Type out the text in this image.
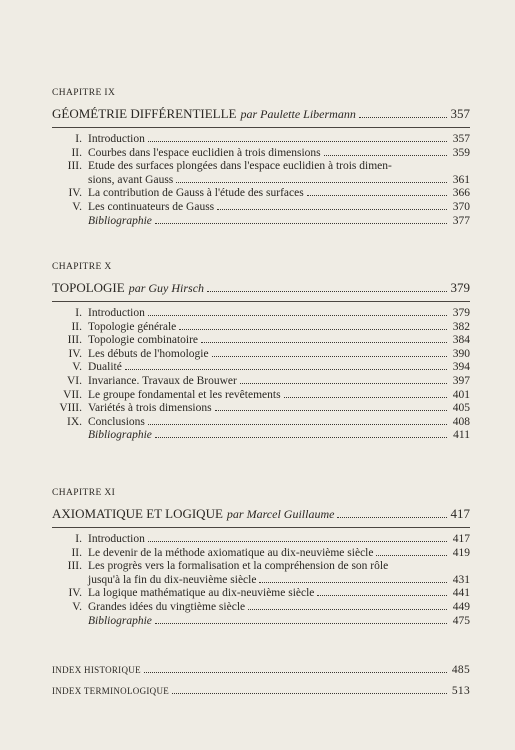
CHAPITRE IX
GÉOMÉTRIE DIFFÉRENTIELLE par Paulette Libermann	357
I. Introduction	357
II. Courbes dans l'espace euclidien à trois dimensions	359
III. Etude des surfaces plongées dans l'espace euclidien à trois dimen-
sions, avant Gauss	361
IV. La contribution de Gauss à l'étude des surfaces	366
V. Les continuateurs de Gauss	370
Bibliographie	377
CHAPITRE X
TOPOLOGIE par Guy Hirsch	379
I. Introduction	379
II. Topologie générale	382
III. Topologie combinatoire	384
IV. Les débuts de l'homologie	390
V. Dualité	394
VI. Invariance. Travaux de Brouwer	397
VII. Le groupe fondamental et les revêtements	401
VIII. Variétés à trois dimensions	405
IX. Conclusions	408
Bibliographie	411
CHAPITRE XI
AXIOMATIQUE ET LOGIQUE par Marcel Guillaume	417
I. Introduction	417
II. Le devenir de la méthode axiomatique au dix-neuvième siècle	419
III. Les progrès vers la formalisation et la compréhension de son rôle
jusqu'à la fin du dix-neuvième siècle	431
IV. La logique mathématique au dix-neuvième siècle	441
V. Grandes idées du vingtième siècle	449
Bibliographie	475
INDEX HISTORIQUE	485
INDEX TERMINOLOGIQUE	513
